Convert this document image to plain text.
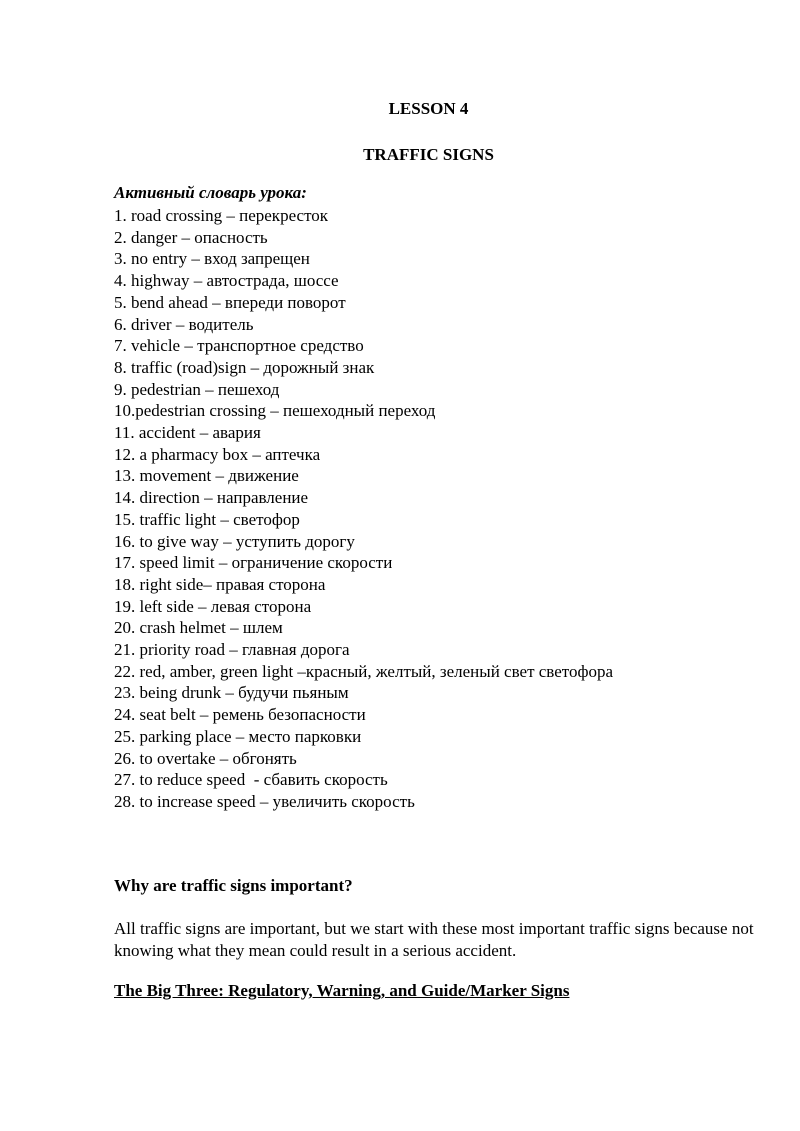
LESSON 4
TRAFFIC SIGNS
Активный словарь урока:
1. road crossing – перекресток
2. danger – опасность
3. no entry – вход запрещен
4. highway – автострада, шоссе
5. bend ahead – впереди поворот
6. driver – водитель
7. vehicle – транспортное средство
8. traffic (road)sign – дорожный знак
9. pedestrian – пешеход
10.pedestrian crossing – пешеходный переход
11. accident – авария
12. a pharmacy box – аптечка
13. movement – движение
14. direction – направление
15. traffic light – светофор
16. to give way – уступить дорогу
17. speed limit – ограничение скорости
18. right side– правая сторона
19. left side – левая сторона
20. crash helmet – шлем
21. priority road – главная дорога
22. red, amber, green light –красный, желтый, зеленый свет светофора
23. being drunk – будучи пьяным
24. seat belt – ремень безопасности
25. parking place – место парковки
26. to overtake – обгонять
27. to reduce speed  - сбавить скорость
28. to increase speed – увеличить скорость
Why are traffic signs important?
All traffic signs are important, but we start with these most important traffic signs because not knowing what they mean could result in a serious accident.
The Big Three: Regulatory, Warning, and Guide/Marker Signs
